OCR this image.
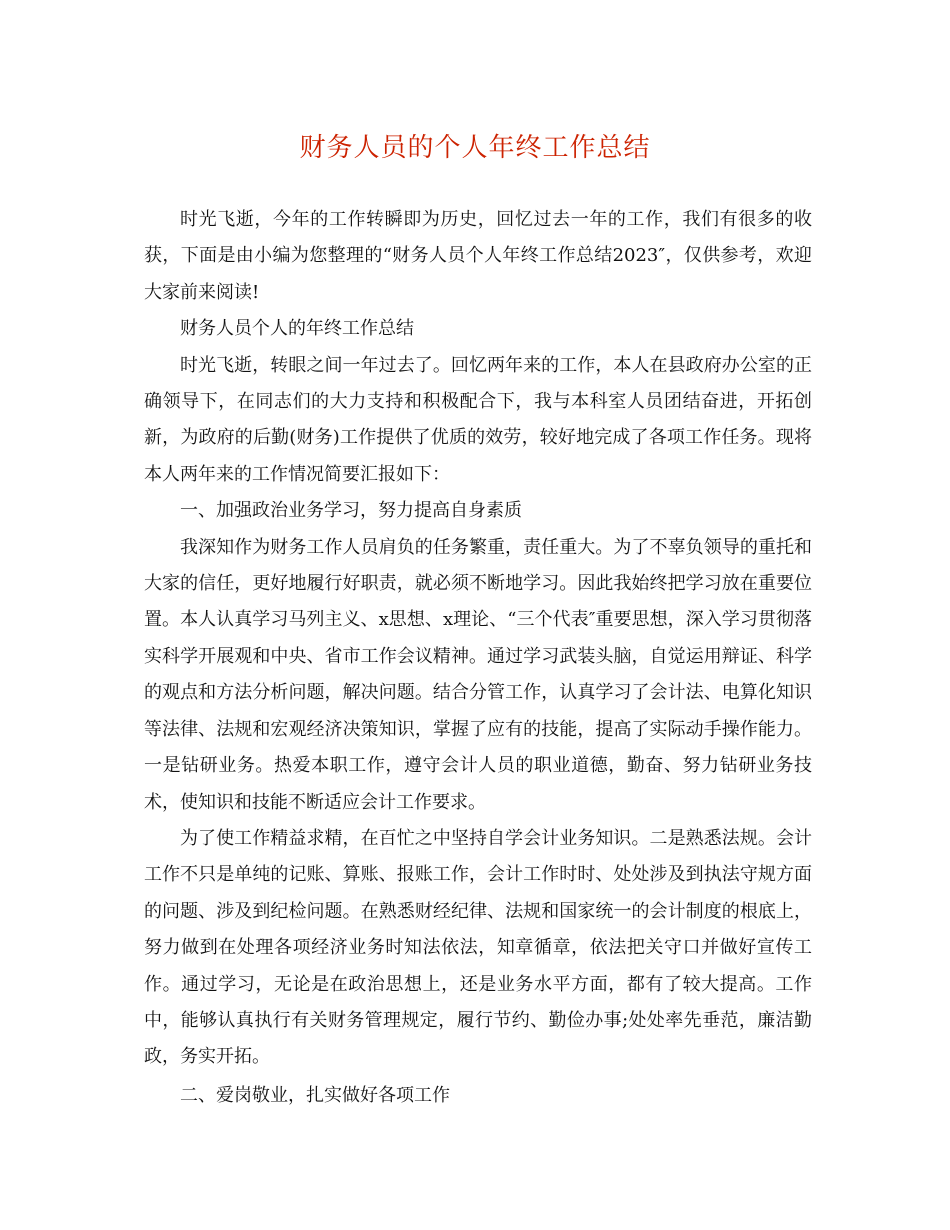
财务人员的个人年终工作总结

时光飞逝，今年的工作转瞬即为历史，回忆过去一年的工作，我们有很多的收获，下面是由小编为您整理的“财务人员个人年终工作总结2023″，仅供参考，欢迎大家前来阅读!

财务人员个人的年终工作总结

时光飞逝，转眼之间一年过去了。回忆两年来的工作，本人在县政府办公室的正确领导下，在同志们的大力支持和积极配合下，我与本科室人员团结奋进，开拓创新，为政府的后勤(财务)工作提供了优质的效劳，较好地完成了各项工作任务。现将本人两年来的工作情况简要汇报如下：

一、加强政治业务学习，努力提高自身素质

我深知作为财务工作人员肩负的任务繁重，责任重大。为了不辜负领导的重托和大家的信任，更好地履行好职责，就必须不断地学习。因此我始终把学习放在重要位置。本人认真学习马列主义、x思想、x理论、“三个代表″重要思想，深入学习贯彻落实科学开展观和中央、省市工作会议精神。通过学习武装头脑，自觉运用辩证、科学的观点和方法分析问题，解决问题。结合分管工作，认真学习了会计法、电算化知识等法律、法规和宏观经济决策知识，掌握了应有的技能，提高了实际动手操作能力。一是钻研业务。热爱本职工作，遵守会计人员的职业道德，勤奋、努力钻研业务技术，使知识和技能不断适应会计工作要求。

为了使工作精益求精，在百忙之中坚持自学会计业务知识。二是熟悉法规。会计工作不只是单纯的记账、算账、报账工作，会计工作时时、处处涉及到执法守规方面的问题、涉及到纪检问题。在熟悉财经纪律、法规和国家统一的会计制度的根底上，努力做到在处理各项经济业务时知法依法，知章循章，依法把关守口并做好宣传工作。通过学习，无论是在政治思想上，还是业务水平方面，都有了较大提高。工作中，能够认真执行有关财务管理规定，履行节约、勤俭办事;处处率先垂范，廉洁勤政，务实开拓。

二、爱岗敬业，扎实做好各项工作
